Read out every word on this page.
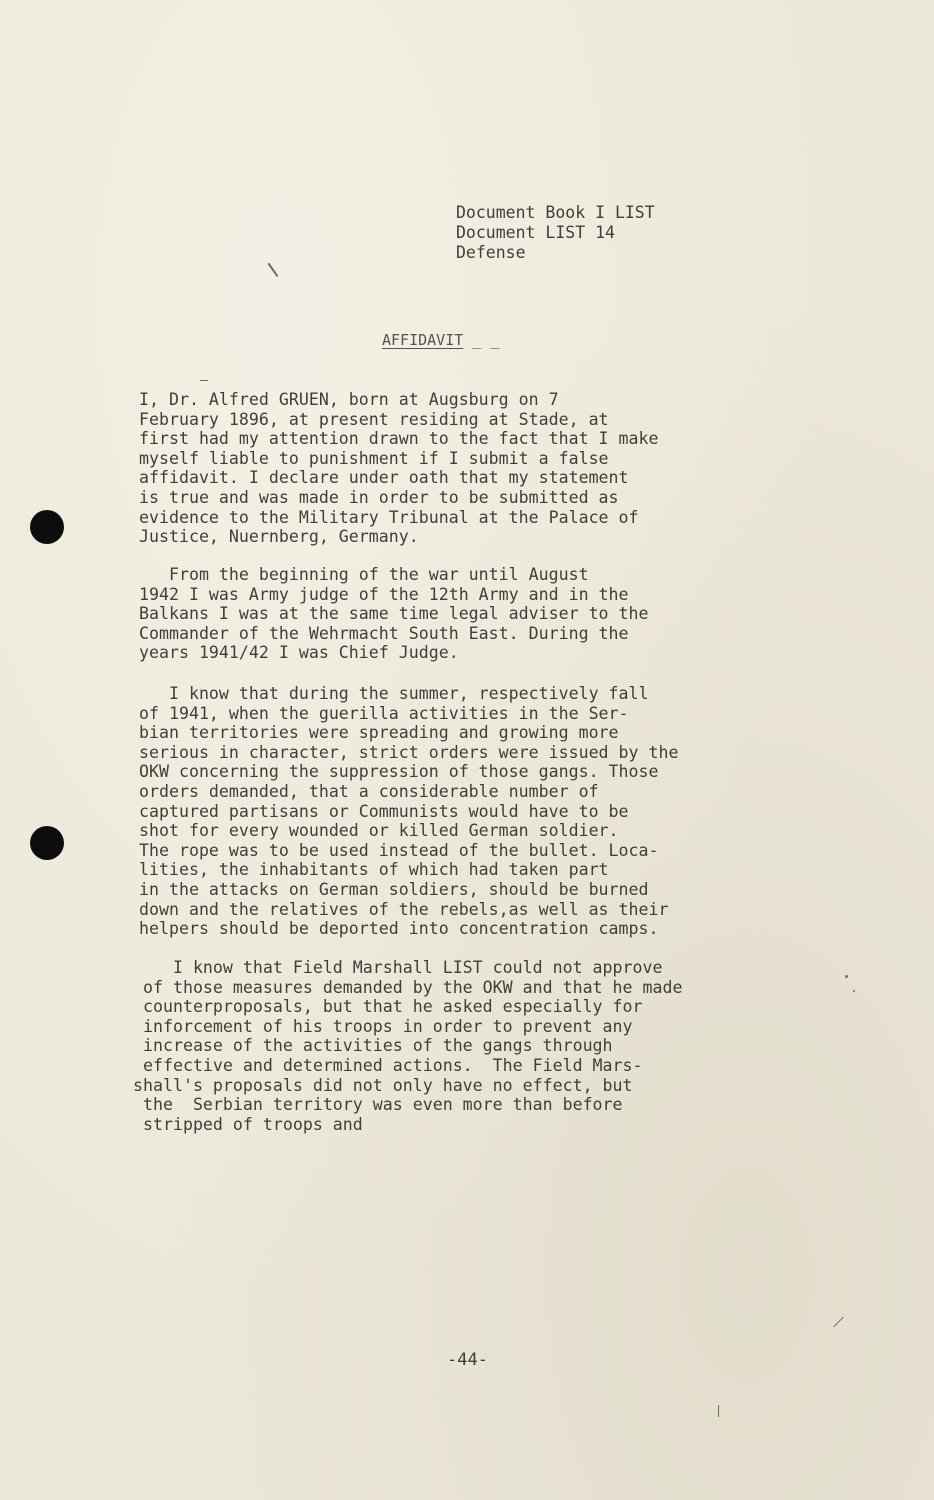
Document Book I LIST
Document LIST 14
Defense
AFFIDAVIT _ _
I, Dr. Alfred GRUEN, born at Augsburg on 7
February 1896, at present residing at Stade, at
first had my attention drawn to the fact that I make
myself liable to punishment if I submit a false
affidavit. I declare under oath that my statement
is true and was made in order to be submitted as
evidence to the Military Tribunal at the Palace of
Justice, Nuernberg, Germany.
From the beginning of the war until August
1942 I was Army judge of the 12th Army and in the
Balkans I was at the same time legal adviser to the
Commander of the Wehrmacht South East. During the
years 1941/42 I was Chief Judge.
I know that during the summer, respectively fall
of 1941, when the guerilla activities in the Ser-
bian territories were spreading and growing more
serious in character, strict orders were issued by the
OKW concerning the suppression of those gangs. Those
orders demanded, that a considerable number of
captured partisans or Communists would have to be
shot for every wounded or killed German soldier.
The rope was to be used instead of the bullet. Loca-
lities, the inhabitants of which had taken part
in the attacks on German soldiers, should be burned
down and the relatives of the rebels,as well as their
helpers should be deported into concentration camps.
I know that Field Marshall LIST could not approve
of those measures demanded by the OKW and that he made
counterproposals, but that he asked especially for
inforcement of his troops in order to prevent any
increase of the activities of the gangs through
effective and determined actions.  The Field Mars-
shall's proposals did not only have no effect, but
the  Serbian territory was even more than before
stripped of troops and
-44-
